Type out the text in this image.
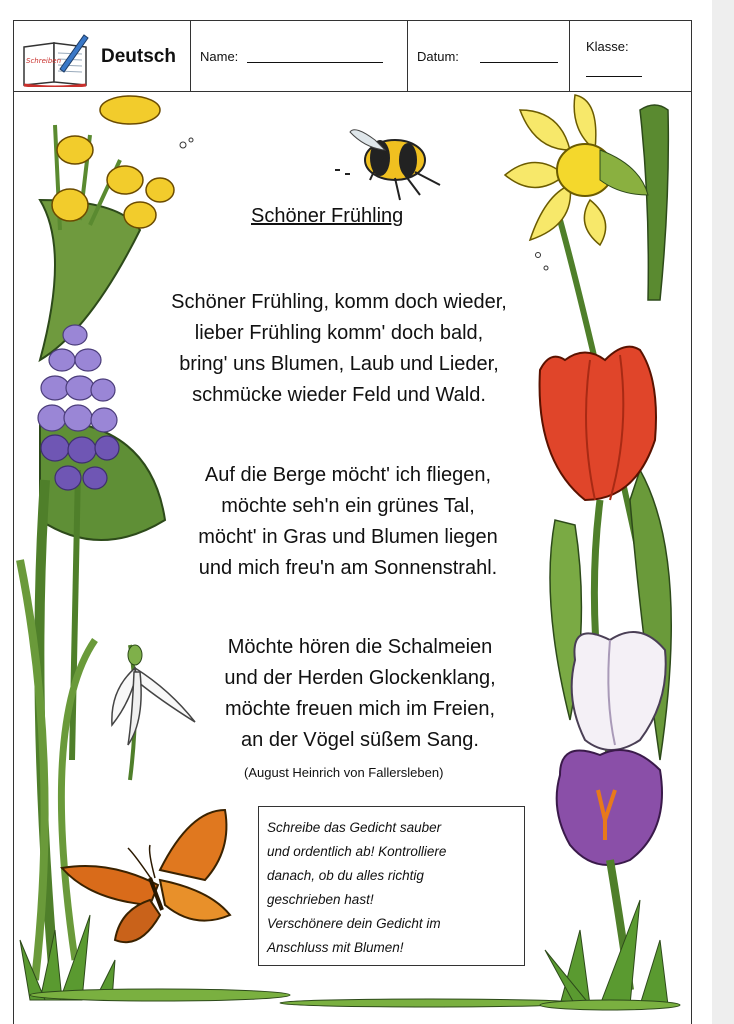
Schreiben Deutsch Name:	Datum:
Klasse:
Schöner Frühling
Schöner Frühling, komm doch wieder,
lieber Frühling komm' doch bald,
bring' uns Blumen, Laub und Lieder,
schmücke wieder Feld und Wald.
Auf die Berge möcht' ich fliegen,
möchte seh'n ein grünes Tal,
möcht' in Gras und Blumen liegen
und mich freu'n am Sonnenstrahl.
Möchte hören die Schalmeien
und der Herden Glockenklang,
möchte freuen mich im Freien,
an der Vögel süßem Sang.
(August Heinrich von Fallersleben)
Schreibe das Gedicht sauber
und ordentlich ab! Kontrolliere
danach, ob du alles richtig
geschrieben hast!
Verschönere dein Gedicht im
Anschluss mit Blumen!
